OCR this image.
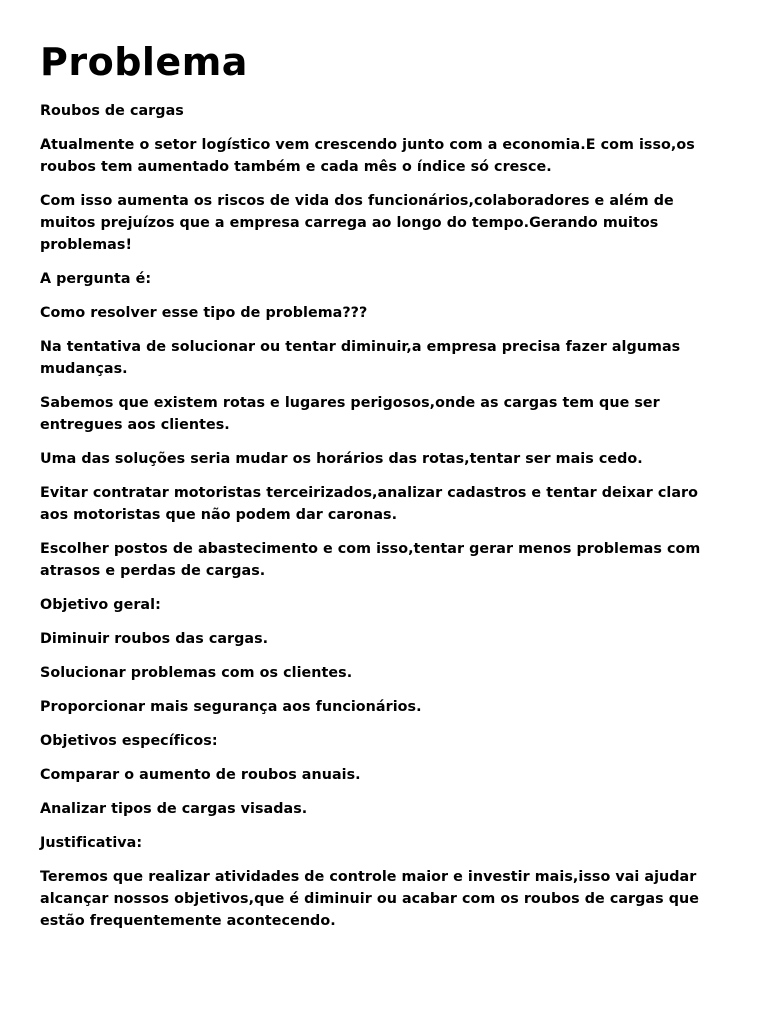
Problema

Roubos de cargas

Atualmente o setor logístico vem crescendo junto com a economia.E com isso,os roubos tem aumentado também e cada mês o índice só cresce.

Com isso aumenta os riscos de vida dos funcionários,colaboradores e além de muitos prejuízos que a empresa carrega ao longo do tempo.Gerando muitos problemas!

A pergunta é:

Como resolver esse tipo de problema???

Na tentativa de solucionar ou tentar diminuir,a empresa precisa fazer algumas mudanças.

Sabemos que existem rotas e lugares perigosos,onde as cargas tem que ser entregues aos clientes.

Uma das soluções seria mudar os horários das rotas,tentar ser mais cedo.

Evitar contratar motoristas terceirizados,analizar cadastros e tentar deixar claro aos motoristas que não podem dar caronas.

Escolher postos de abastecimento e com isso,tentar gerar menos problemas com atrasos e perdas de cargas.

Objetivo geral:

Diminuir roubos das cargas.

Solucionar problemas com os clientes.

Proporcionar mais segurança aos funcionários.

Objetivos específicos:

Comparar o aumento de roubos anuais.

Analizar tipos de cargas visadas.

Justificativa:

Teremos que realizar atividades de controle maior e investir mais,isso vai ajudar alcançar nossos objetivos,que é diminuir ou acabar com os roubos de cargas que estão frequentemente acontecendo.
